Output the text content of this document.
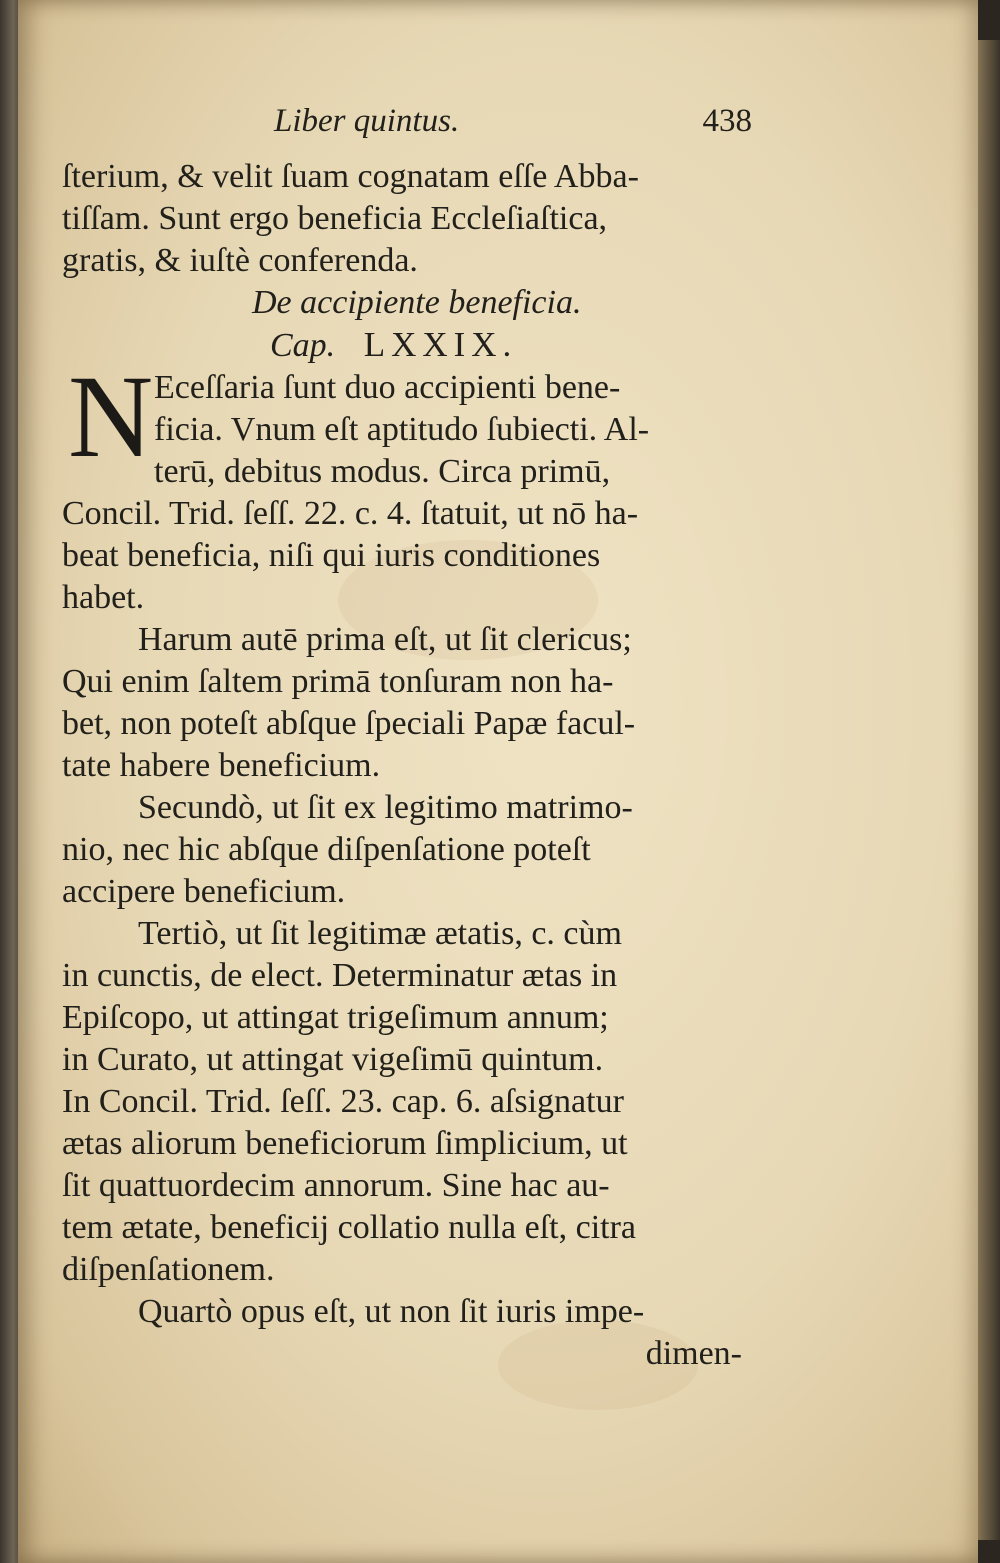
Liber quintus.	438
ſterium, & velit ſuam cognatam eſſe Abba-
tiſſam. Sunt ergo beneficia Eccleſiaſtica,
gratis, & iuſtè conferenda.
De accipiente beneficia.
Cap. LXXIX.
N Eceſſaria ſunt duo accipienti bene-
ficia. Vnum eſt aptitudo ſubiecti. Al-
terū, debitus modus. Circa primū,
Concil. Trid. ſeſſ. 22. c. 4. ſtatuit, ut nō ha-
beat beneficia, niſi qui iuris conditiones
habet.
Harum autē prima eſt, ut ſit clericus;
Qui enim ſaltem primā tonſuram non ha-
bet, non poteſt abſque ſpeciali Papæ facul-
tate habere beneficium.
Secundò, ut ſit ex legitimo matrimo-
nio, nec hic abſque diſpenſatione poteſt
accipere beneficium.
Tertiò, ut ſit legitimæ ætatis, c. cùm
in cunctis, de elect. Determinatur ætas in
Epiſcopo, ut attingat trigeſimum annum;
in Curato, ut attingat vigeſimū quintum.
In Concil. Trid. ſeſſ. 23. cap. 6. aſsignatur
ætas aliorum beneficiorum ſimplicium, ut
ſit quattuordecim annorum. Sine hac au-
tem ætate, beneficij collatio nulla eſt, citra
diſpenſationem.
Quartò opus eſt, ut non ſit iuris impe-
dimen-
